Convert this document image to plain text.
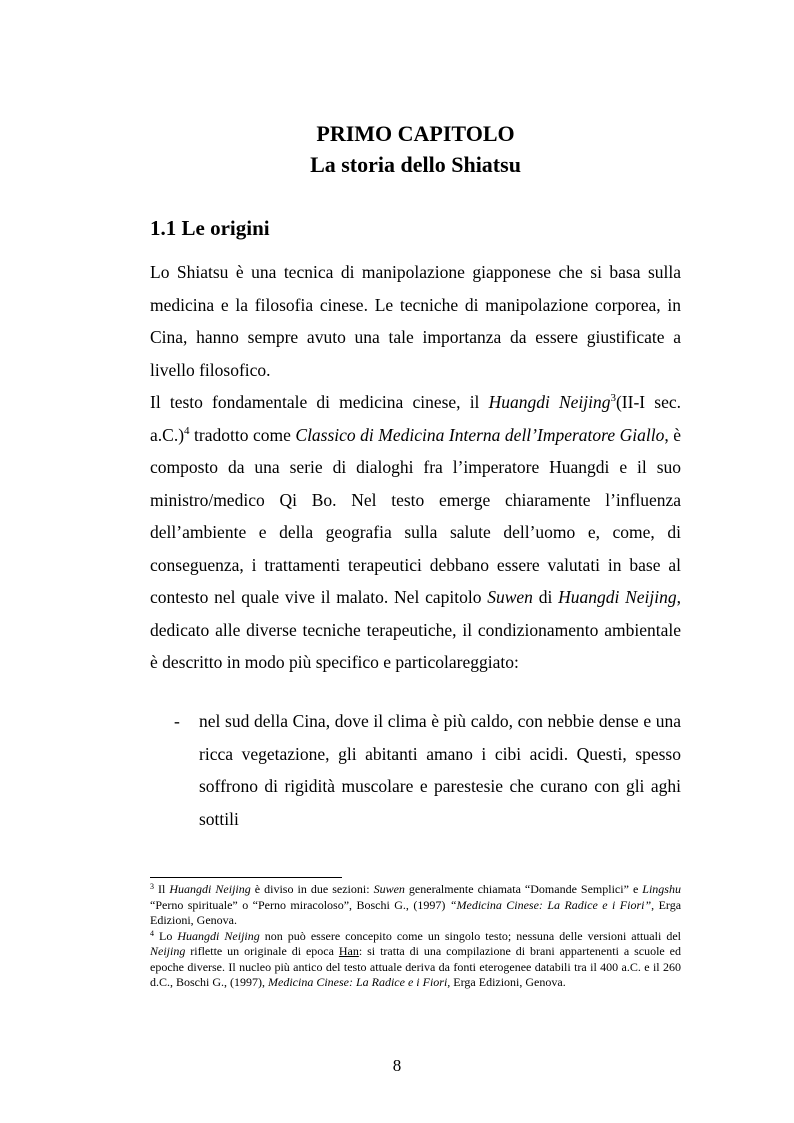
PRIMO CAPITOLO
La storia dello Shiatsu
1.1 Le origini

Lo Shiatsu è una tecnica di manipolazione giapponese che si basa sulla medicina e la filosofia cinese. Le tecniche di manipolazione corporea, in Cina, hanno sempre avuto una tale importanza da essere giustificate a livello filosofico.

Il testo fondamentale di medicina cinese, il Huangdi Neijing$^3$(II-I sec. a.C.)$^4$ tradotto come Classico di Medicina Interna dell’Imperatore Giallo, è composto da una serie di dialoghi fra l’imperatore Huangdi e il suo ministro/medico Qi Bo. Nel testo emerge chiaramente l’influenza dell’ambiente e della geografia sulla salute dell’uomo e, come, di conseguenza, i trattamenti terapeutici debbano essere valutati in base al contesto nel quale vive il malato. Nel capitolo Suwen di Huangdi Neijing, dedicato alle diverse tecniche terapeutiche, il condizionamento ambientale è descritto in modo più specifico e particolareggiato:

- nel sud della Cina, dove il clima è più caldo, con nebbie dense e una ricca vegetazione, gli abitanti amano i cibi acidi. Questi, spesso soffrono di rigidità muscolare e parestesie che curano con gli aghi sottili

$^3$ Il Huangdi Neijing è diviso in due sezioni: Suwen generalmente chiamata “Domande Semplici” e Lingshu “Perno spirituale” o “Perno miracoloso”, Boschi G., (1997) “Medicina Cinese: La Radice e i Fiori”, Erga Edizioni, Genova.

$^4$ Lo Huangdi Neijing non può essere concepito come un singolo testo; nessuna delle versioni attuali del Neijing riflette un originale di epoca Han: si tratta di una compilazione di brani appartenenti a scuole ed epoche diverse. Il nucleo più antico del testo attuale deriva da fonti eterogenee databili tra il 400 a.C. e il 260 d.C., Boschi G., (1997), Medicina Cinese: La Radice e i Fiori, Erga Edizioni, Genova.

8
